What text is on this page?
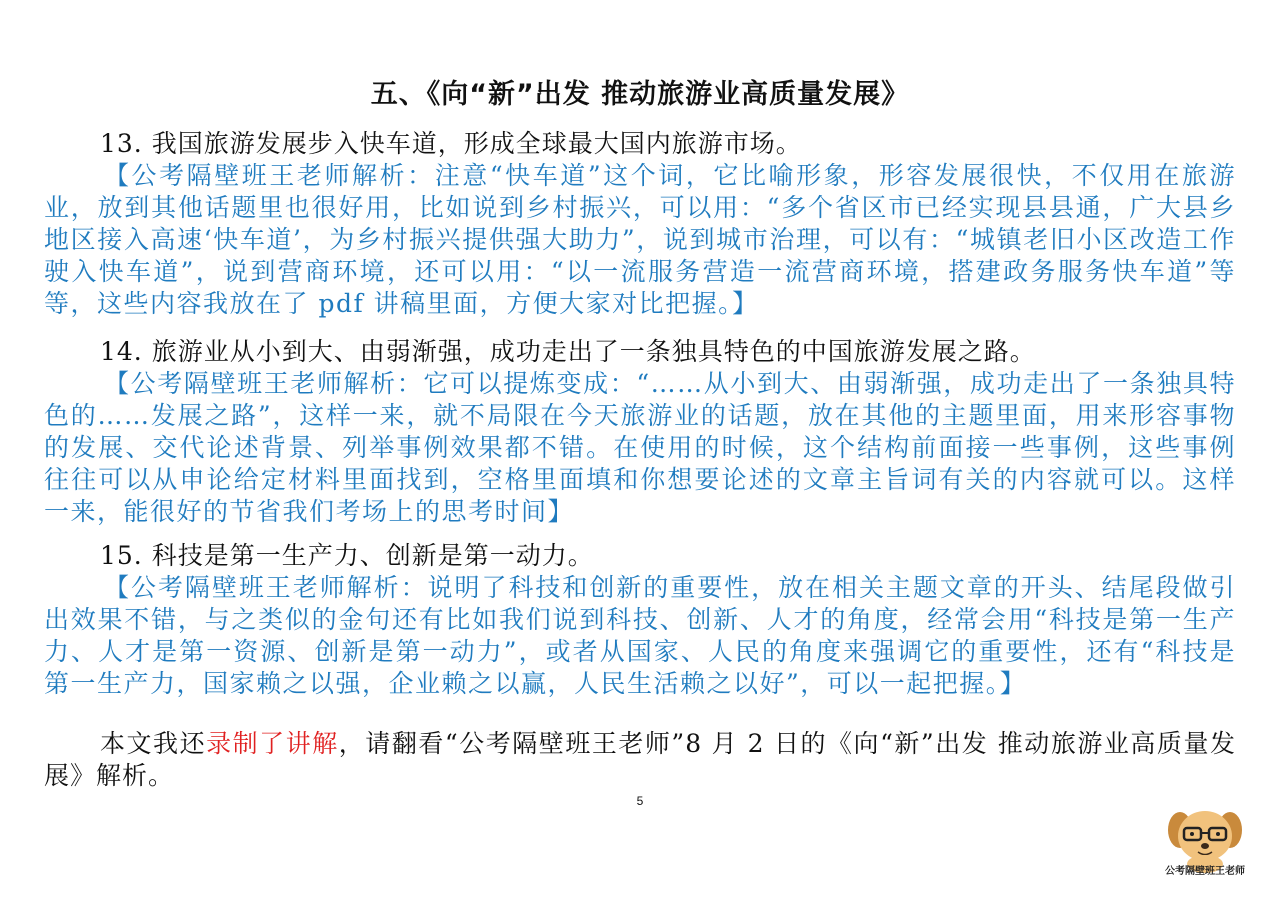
五、《向“新”出发 推动旅游业高质量发展》
13. 我国旅游发展步入快车道，形成全球最大国内旅游市场。
【公考隔壁班王老师解析：注意“快车道”这个词，它比喻形象，形容发展很快，不仅用在旅游业，放到其他话题里也很好用，比如说到乡村振兴，可以用：“多个省区市已经实现县县通，广大县乡地区接入高速‘快车道’，为乡村振兴提供强大助力”，说到城市治理，可以有：“城镇老旧小区改造工作驶入快车道”，说到营商环境，还可以用：“以一流服务营造一流营商环境，搭建政务服务快车道”等等，这些内容我放在了 pdf 讲稿里面，方便大家对比把握。】
14. 旅游业从小到大、由弱渐强，成功走出了一条独具特色的中国旅游发展之路。
【公考隔壁班王老师解析：它可以提炼变成：“……从小到大、由弱渐强，成功走出了一条独具特色的……发展之路”，这样一来，就不局限在今天旅游业的话题，放在其他的主题里面，用来形容事物的发展、交代论述背景、列举事例效果都不错。在使用的时候，这个结构前面接一些事例，这些事例往往可以从申论给定材料里面找到，空格里面填和你想要论述的文章主旨词有关的内容就可以。这样一来，能很好的节省我们考场上的思考时间】
15. 科技是第一生产力、创新是第一动力。
【公考隔壁班王老师解析：说明了科技和创新的重要性，放在相关主题文章的开头、结尾段做引出效果不错，与之类似的金句还有比如我们说到科技、创新、人才的角度，经常会用“科技是第一生产力、人才是第一资源、创新是第一动力”，或者从国家、人民的角度来强调它的重要性，还有“科技是第一生产力，国家赖之以强，企业赖之以赢，人民生活赖之以好”，可以一起把握。】
本文我还录制了讲解，请翻看“公考隔壁班王老师”8 月 2 日的《向“新”出发 推动旅游业高质量发展》解析。
5
公考隔壁班王老师
